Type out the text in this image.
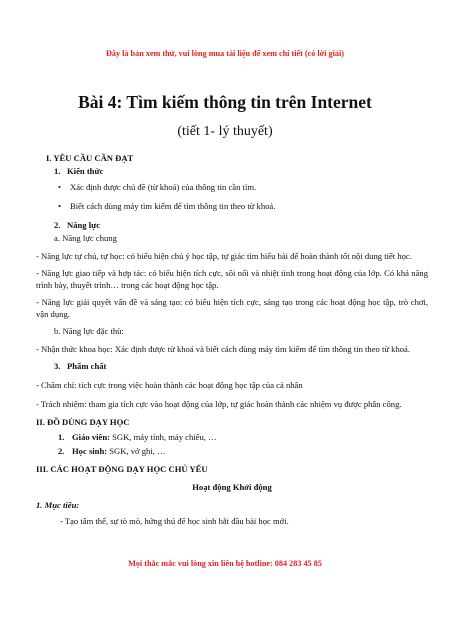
Đây là bản xem thử, vui lòng mua tài liệu để xem chi tiết (có lời giải)
Bài 4: Tìm kiếm thông tin trên Internet
(tiết 1- lý thuyết)
I. YÊU CẦU CẦN ĐẠT
1. Kiến thức
• Xác định được chủ đề (từ khoá) của thông tin cần tìm.
• Biết cách dùng máy tìm kiếm để tìm thông tin theo từ khoá.
2. Năng lực
a. Năng lực chung

- Năng lực tự chủ, tự học: có biểu hiện chủ ý học tập, tự giác tìm hiểu bài để hoàn thành tốt nội dung tiết học.

- Năng lực giao tiếp và hợp tác: có biểu hiện tích cực, sôi nổi và nhiệt tình trong hoạt động của lớp. Có khả năng trình bày, thuyết trình… trong các hoạt động học tập.

- Năng lực giải quyết vấn đề và sáng tạo: có biểu hiện tích cực, sáng tạo trong các hoạt động học tập, trò chơi, vận dụng.

b. Năng lực đặc thù:

- Nhận thức khoa học: Xác định được từ khoá và biết cách dùng máy tìm kiếm để tìm thông tin theo từ khoá.

3. Phẩm chất

- Chăm chỉ: tích cực trong việc hoàn thành các hoạt động học tập của cá nhân

- Trách nhiệm: tham gia tích cực vào hoạt động của lớp, tự giác hoàn thành các nhiệm vụ được phân công.

II. ĐỒ DÙNG DẠY HỌC
1. Giáo viên: SGK, máy tính, máy chiếu, …
2. Học sinh: SGK, vở ghi, …
III. CÁC HOẠT ĐỘNG DẠY HỌC CHỦ YẾU
Hoạt động Khởi động
1. Mục tiêu:
- Tạo tâm thế, sự tò mò, hứng thú để học sinh bắt đầu bài học mới.
Mọi thắc mắc vui lòng xin liên hệ hotline: 084 283 45 85
